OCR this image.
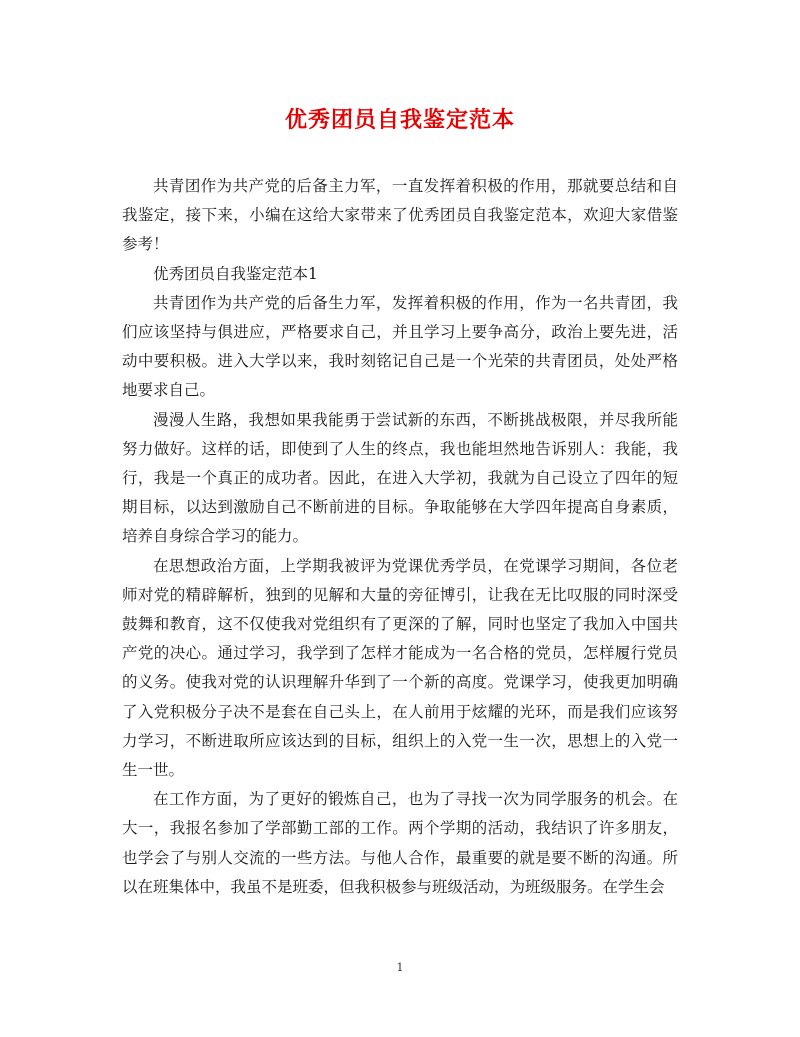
优秀团员自我鉴定范本

共青团作为共产党的后备主力军，一直发挥着积极的作用，那就要总结和自我鉴定，接下来，小编在这给大家带来了优秀团员自我鉴定范本，欢迎大家借鉴参考！

优秀团员自我鉴定范本1

共青团作为共产党的后备生力军，发挥着积极的作用，作为一名共青团，我们应该坚持与俱进应，严格要求自己，并且学习上要争高分，政治上要先进，活动中要积极。进入大学以来，我时刻铭记自己是一个光荣的共青团员，处处严格地要求自己。

漫漫人生路，我想如果我能勇于尝试新的东西，不断挑战极限，并尽我所能努力做好。这样的话，即使到了人生的终点，我也能坦然地告诉别人：我能，我行，我是一个真正的成功者。因此，在进入大学初，我就为自己设立了四年的短期目标，以达到激励自己不断前进的目标。争取能够在大学四年提高自身素质，培养自身综合学习的能力。

在思想政治方面，上学期我被评为党课优秀学员，在党课学习期间，各位老师对党的精辟解析，独到的见解和大量的旁征博引，让我在无比叹服的同时深受鼓舞和教育，这不仅使我对党组织有了更深的了解，同时也坚定了我加入中国共产党的决心。通过学习，我学到了怎样才能成为一名合格的党员，怎样履行党员的义务。使我对党的认识理解升华到了一个新的高度。党课学习，使我更加明确了入党积极分子决不是套在自己头上，在人前用于炫耀的光环，而是我们应该努力学习，不断进取所应该达到的目标，组织上的入党一生一次，思想上的入党一生一世。

在工作方面，为了更好的锻炼自己，也为了寻找一次为同学服务的机会。在大一，我报名参加了学部勤工部的工作。两个学期的活动，我结识了许多朋友，也学会了与别人交流的一些方法。与他人合作，最重要的就是要不断的沟通。所以在班集体中，我虽不是班委，但我积极参与班级活动，为班级服务。在学生会

1
